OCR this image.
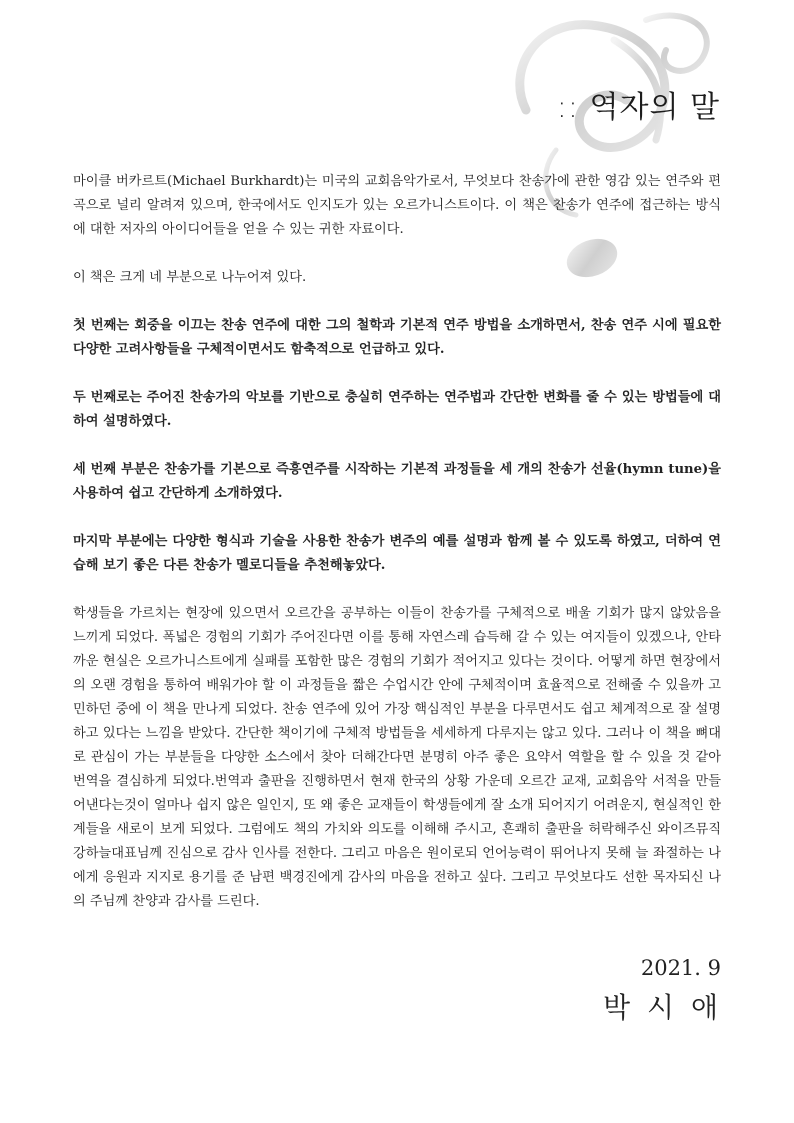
:: 역자의 말

마이클 버카르트(Michael Burkhardt)는 미국의 교회음악가로서, 무엇보다 찬송가에 관한 영감 있는 연주와 편곡으로 널리 알려져 있으며, 한국에서도 인지도가 있는 오르가니스트이다. 이 책은 찬송가 연주에 접근하는 방식에 대한 저자의 아이디어들을 얻을 수 있는 귀한 자료이다.

이 책은 크게 네 부분으로 나누어져 있다.

첫 번째는 회중을 이끄는 찬송 연주에 대한 그의 철학과 기본적 연주 방법을 소개하면서, 찬송 연주 시에 필요한 다양한 고려사항들을 구체적이면서도 함축적으로 언급하고 있다.

두 번째로는 주어진 찬송가의 악보를 기반으로 충실히 연주하는 연주법과 간단한 변화를 줄 수 있는 방법들에 대하여 설명하였다.

세 번째 부분은 찬송가를 기본으로 즉흥연주를 시작하는 기본적 과정들을 세 개의 찬송가 선율(hymn tune)을 사용하여 쉽고 간단하게 소개하였다.

마지막 부분에는 다양한 형식과 기술을 사용한 찬송가 변주의 예를 설명과 함께 볼 수 있도록 하였고, 더하여 연습해 보기 좋은 다른 찬송가 멜로디들을 추천해놓았다.

학생들을 가르치는 현장에 있으면서 오르간을 공부하는 이들이 찬송가를 구체적으로 배울 기회가 많지 않았음을 느끼게 되었다. 폭넓은 경험의 기회가 주어진다면 이를 통해 자연스레 습득해 갈 수 있는 여지들이 있겠으나, 안타까운 현실은 오르가니스트에게 실패를 포함한 많은 경험의 기회가 적어지고 있다는 것이다. 어떻게 하면 현장에서의 오랜 경험을 통하여 배워가야 할 이 과정들을 짧은 수업시간 안에 구체적이며 효율적으로 전해줄 수 있을까 고민하던 중에 이 책을 만나게 되었다. 찬송 연주에 있어 가장 핵심적인 부분을 다루면서도 쉽고 체계적으로 잘 설명하고 있다는 느낌을 받았다. 간단한 책이기에 구체적 방법들을 세세하게 다루지는 않고 있다. 그러나 이 책을 뼈대로 관심이 가는 부분들을 다양한 소스에서 찾아 더해간다면 분명히 아주 좋은 요약서 역할을 할 수 있을 것 같아 번역을 결심하게 되었다.번역과 출판을 진행하면서 현재 한국의 상황 가운데 오르간 교재, 교회음악 서적을 만들어낸다는것이 얼마나 쉽지 않은 일인지, 또 왜 좋은 교재들이 학생들에게 잘 소개 되어지기 어려운지, 현실적인 한계들을 새로이 보게 되었다. 그럼에도 책의 가치와 의도를 이해해 주시고, 흔쾌히 출판을 허락해주신 와이즈뮤직 강하늘대표님께 진심으로 감사 인사를 전한다. 그리고 마음은 원이로되 언어능력이 뛰어나지 못해 늘 좌절하는 나에게 응원과 지지로 용기를 준 남편 백경진에게 감사의 마음을 전하고 싶다. 그리고 무엇보다도 선한 목자되신 나의 주님께 찬양과 감사를 드린다.

2021. 9
박 시 애
